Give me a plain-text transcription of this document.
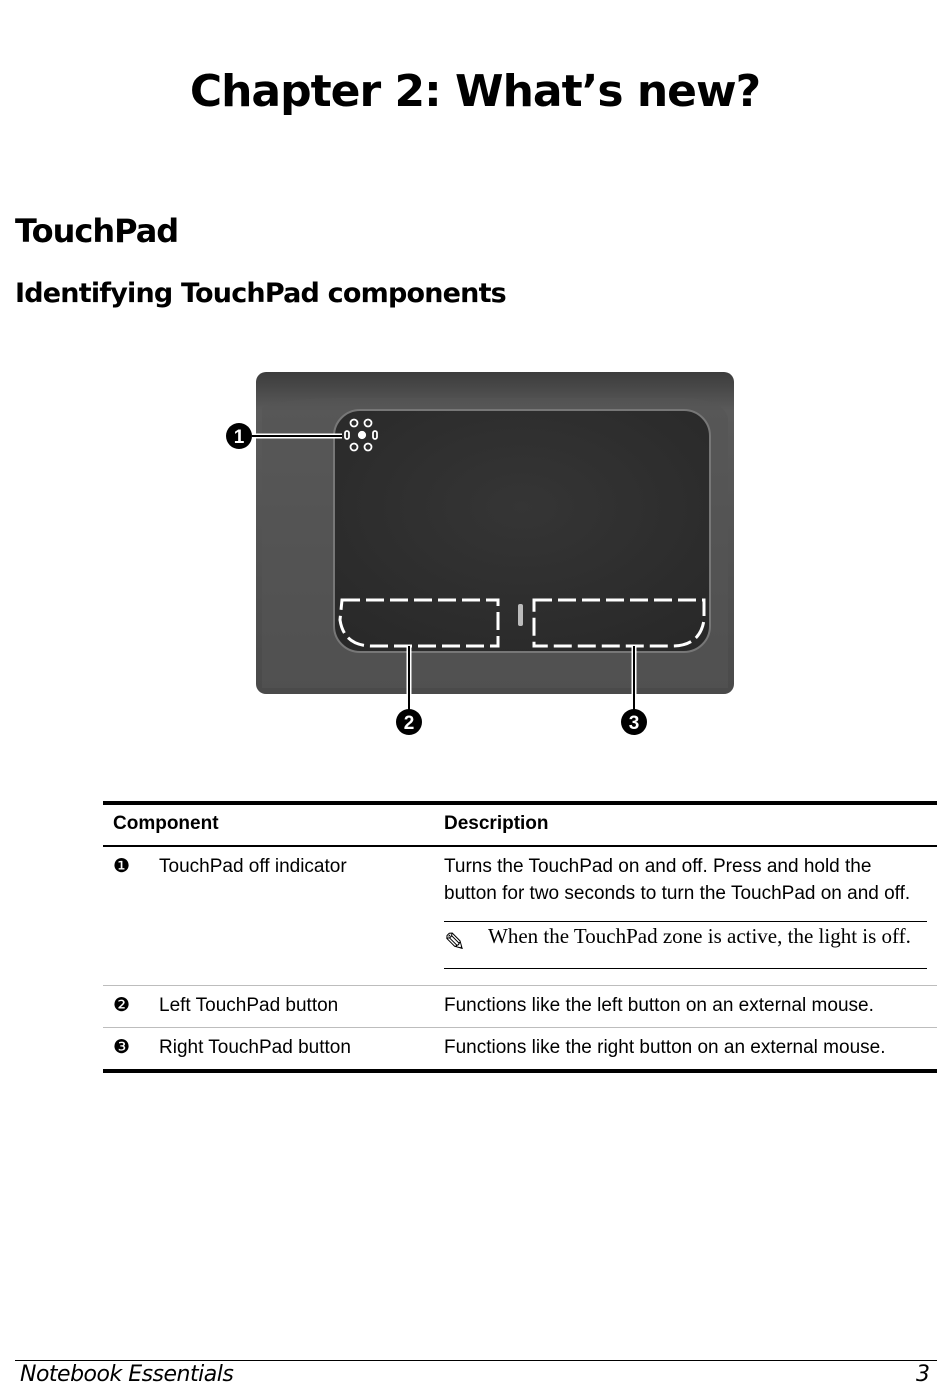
Chapter 2: What’s new?
TouchPad
Identifying TouchPad components
1
2	3
Component	Description
❶ TouchPad off indicator	Turns the TouchPad on and off. Press and hold the button for two seconds to turn the TouchPad on and off.
✎ When the TouchPad zone is active, the light is off.

❷ Left TouchPad button	Functions like the left button on an external mouse.

❸ Right TouchPad button	Functions like the right button on an external mouse.
Notebook Essentials	3
